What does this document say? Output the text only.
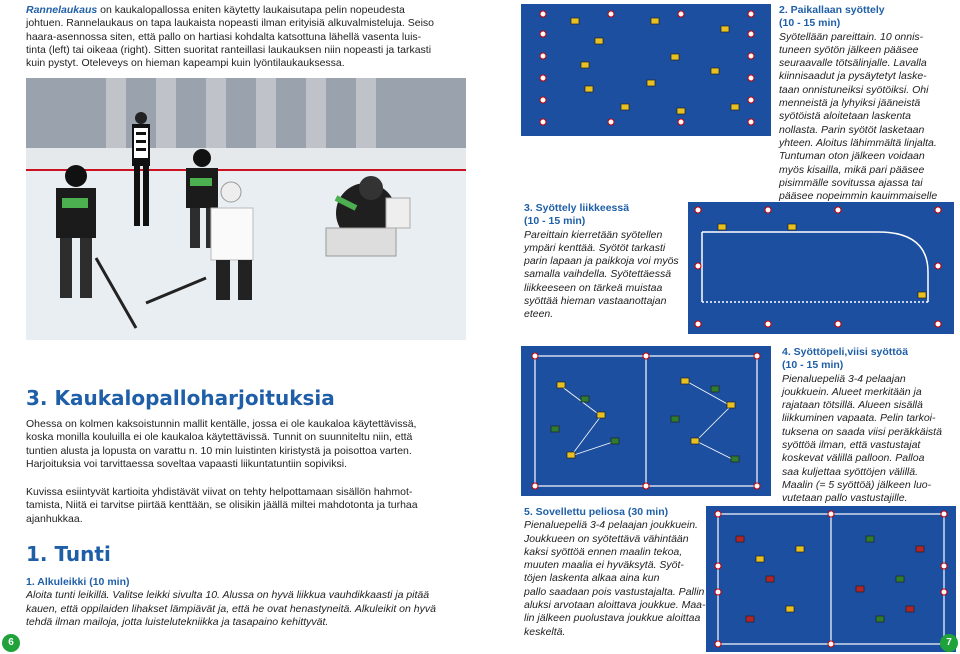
Rannelaukaus on kaukalopallossa eniten käytetty laukaisutapa pelin nopeudesta
johtuen. Rannelaukaus on tapa laukaista nopeasti ilman erityisiä alkuvalmisteluja. Seiso
haara-asennossa siten, että pallo on hartiasi kohdalta katsottuna lähellä vasenta luis-
tinta (left) tai oikeaa (right). Sitten suoritat ranteillasi laukauksen niin nopeasti ja tarkasti
kuin pystyt. Oteleveys on hieman kapeampi kuin lyöntilaukauksessa.
3. Kaukalopalloharjoituksia
Ohessa on kolmen kaksoistunnin mallit kentälle, jossa ei ole kaukaloa käytettävissä,
koska monilla kouluilla ei ole kaukaloa käytettävissä. Tunnit on suunniteltu niin, että
tuntien alusta ja lopusta on varattu n. 10 min luistinten kiristystä ja poisottoa varten.
Harjoituksia voi tarvittaessa soveltaa vapaasti liikuntatuntiin sopiviksi.
Kuvissa esiintyvät kartioita yhdistävät viivat on tehty helpottamaan sisällön hahmot-
tamista, Niitä ei tarvitse piirtää kenttään, se olisikin jäällä miltei mahdotonta ja turhaa
ajanhukkaa.
1. Tunti
1. Alkuleikki (10 min)
Aloita tunti leikillä. Valitse leikki sivulta 10. Alussa on hyvä liikkua vauhdikkaasti ja pitää
kauen, että oppilaiden lihakset lämpiävät ja, että he ovat henastyneitä. Alkuleikit on hyvä
tehdä ilman mailoja, jotta luistelutekniikka ja tasapaino kehittyvät.
6
2. Paikallaan syöttely
(10 - 15 min)
Syötellään pareittain. 10 onnis-
tuneen syötön jälkeen pääsee
seuraavalle tötsälinjalle. Lavalla
kiinnisaadut ja pysäytetyt laske-
taan onnistuneiksi syötöiksi. Ohi
menneistä ja lyhyiksi jääneistä
syötöistä aloitetaan laskenta
nollasta. Parin syötöt lasketaan
yhteen. Aloitus lähimmältä linjalta.
Tuntuman oton jälkeen voidaan
myös kisailla, mikä pari pääsee
pisimmälle sovitussa ajassa tai
pääsee nopeimmin kauimmaiselle
3. Syöttely liikkeessä
(10 - 15 min)
Pareittain kierretään syötellen
ympäri kenttää. Syötöt tarkasti
parin lapaan ja paikkoja voi myös
samalla vaihdella. Syötettäessä
liikkeeseen on tärkeä muistaa
syöttää hieman vastaanottajan
eteen.
4. Syöttöpeli,viisi syöttöä
(10 - 15 min)
Pienaluepeliä 3-4 pelaajan
joukkuein. Alueet merkitään ja
rajataan tötsillä. Alueen sisällä
liikkuminen vapaata. Pelin tarkoi-
tuksena on saada viisi peräkkäistä
syöttöä ilman, että vastustajat
koskevat välillä palloon. Palloa
saa kuljettaa syöttöjen välillä.
Maalin (= 5 syöttöä) jälkeen luo-
vutetaan pallo vastustajille.
5. Sovellettu peliosa (30 min)
Pienaluepeliä 3-4 pelaajan joukkuein.
Joukkueen on syötettävä vähintään
kaksi syöttöä ennen maalin tekoa,
muuten maalia ei hyväksytä. Syöt-
töjen laskenta alkaa aina kun
pallo saadaan pois vastustajalta. Pallin
aluksi arvotaan aloittava joukkue. Maa-
lin jälkeen puolustava joukkue aloittaa
keskeltä.
7
